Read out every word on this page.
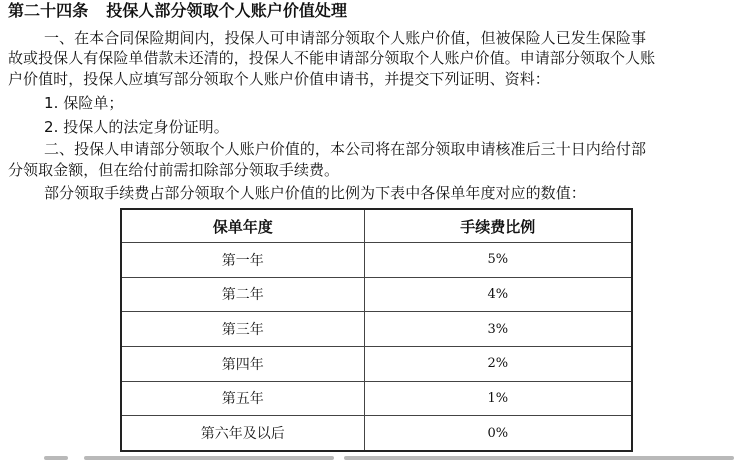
第二十四条 投保人部分领取个人账户价值处理
一、在本合同保险期间内，投保人可申请部分领取个人账户价值，但被保险人已发生保险事
故或投保人有保险单借款未还清的，投保人不能申请部分领取个人账户价值。申请部分领取个人账
户价值时，投保人应填写部分领取个人账户价值申请书，并提交下列证明、资料：
1. 保险单；
2. 投保人的法定身份证明。
二、投保人申请部分领取个人账户价值的，本公司将在部分领取申请核准后三十日内给付部
分领取金额，但在给付前需扣除部分领取手续费。
部分领取手续费占部分领取个人账户价值的比例为下表中各保单年度对应的数值：
保单年度	手续费比例
第一年	5%
第二年	4%
第三年	3%
第四年	2%
第五年	1%
第六年及以后	0%
